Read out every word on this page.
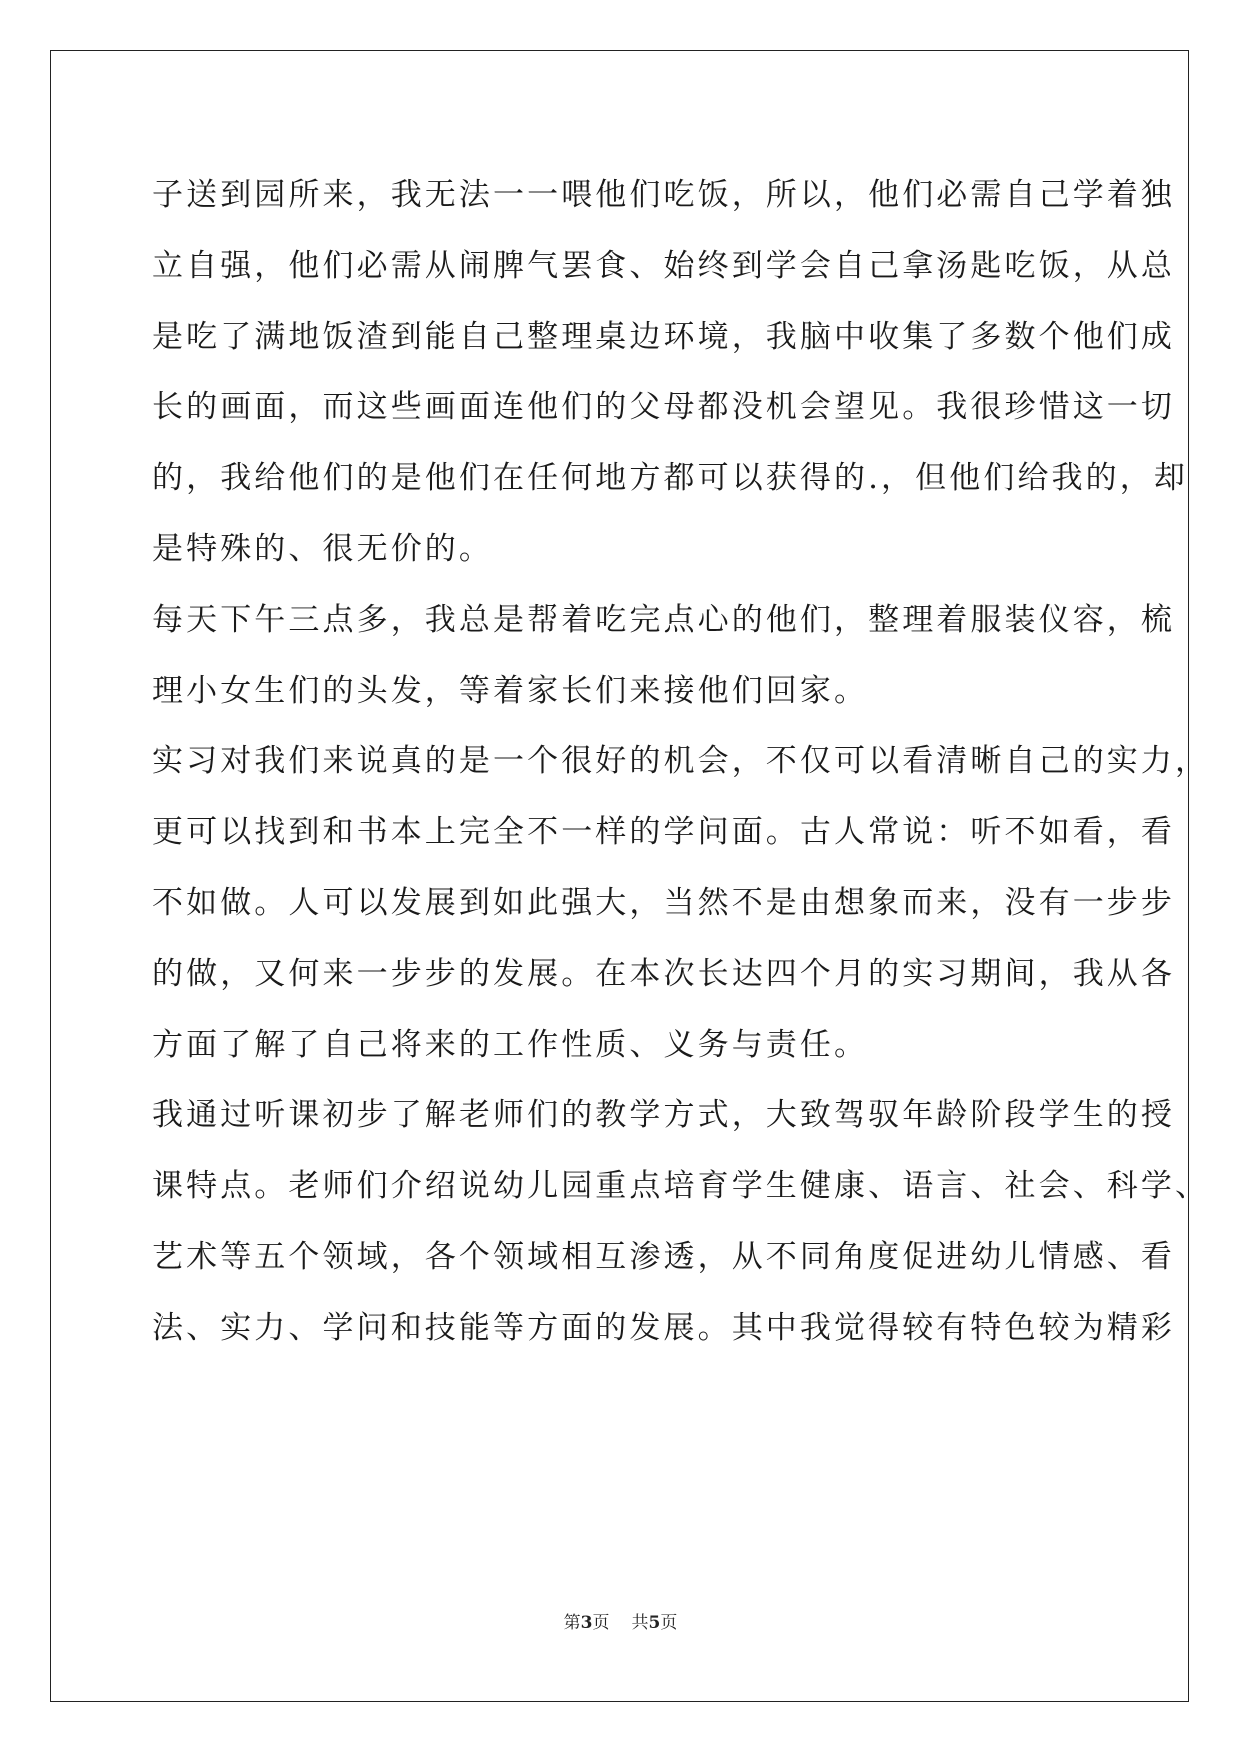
子送到园所来，我无法一一喂他们吃饭，所以，他们必需自己学着独
立自强，他们必需从闹脾气罢食、始终到学会自己拿汤匙吃饭，从总
是吃了满地饭渣到能自己整理桌边环境，我脑中收集了多数个他们成
长的画面，而这些画面连他们的父母都没机会望见。我很珍惜这一切
的，我给他们的是他们在任何地方都可以获得的.，但他们给我的，却
是特殊的、很无价的。
每天下午三点多，我总是帮着吃完点心的他们，整理着服装仪容，梳
理小女生们的头发，等着家长们来接他们回家。
实习对我们来说真的是一个很好的机会，不仅可以看清晰自己的实力，
更可以找到和书本上完全不一样的学问面。古人常说：听不如看，看
不如做。人可以发展到如此强大，当然不是由想象而来，没有一步步
的做，又何来一步步的发展。在本次长达四个月的实习期间，我从各
方面了解了自己将来的工作性质、义务与责任。
我通过听课初步了解老师们的教学方式，大致驾驭年龄阶段学生的授
课特点。老师们介绍说幼儿园重点培育学生健康、语言、社会、科学、
艺术等五个领域，各个领域相互渗透，从不同角度促进幼儿情感、看
法、实力、学问和技能等方面的发展。其中我觉得较有特色较为精彩
第3页 共5页
